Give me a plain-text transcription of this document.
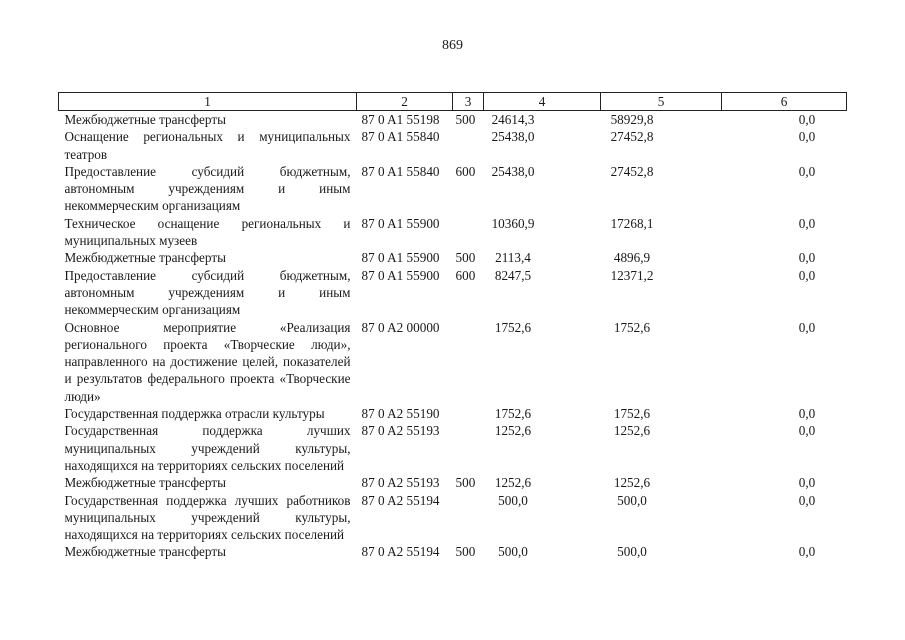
869
1	2	3	4	5	6
Межбюджетные трансферты	87 0 A1 55198	500	24614,3	58929,8	0,0
Оснащение региональных и муниципальных театров	87 0 A1 55840		25438,0	27452,8	0,0
Предоставление субсидий бюджетным, автономным учреждениям и иным некоммерческим организациям	87 0 A1 55840	600	25438,0	27452,8	0,0
Техническое оснащение региональных и муниципальных музеев	87 0 A1 55900		10360,9	17268,1	0,0
Межбюджетные трансферты	87 0 A1 55900	500	2113,4	4896,9	0,0
Предоставление субсидий бюджетным, автономным учреждениям и иным некоммерческим организациям	87 0 A1 55900	600	8247,5	12371,2	0,0
Основное мероприятие «Реализация регионального проекта «Творческие люди», направленного на достижение целей, показателей и результатов федерального проекта «Творческие люди»	87 0 A2 00000		1752,6	1752,6	0,0
Государственная поддержка отрасли культуры	87 0 A2 55190		1752,6	1752,6	0,0
Государственная поддержка лучших муниципальных учреждений культуры, находящихся на территориях сельских поселений	87 0 A2 55193		1252,6	1252,6	0,0
Межбюджетные трансферты	87 0 A2 55193	500	1252,6	1252,6	0,0
Государственная поддержка лучших работников муниципальных учреждений культуры, находящихся на территориях сельских поселений	87 0 A2 55194		500,0	500,0	0,0
Межбюджетные трансферты	87 0 A2 55194	500	500,0	500,0	0,0
